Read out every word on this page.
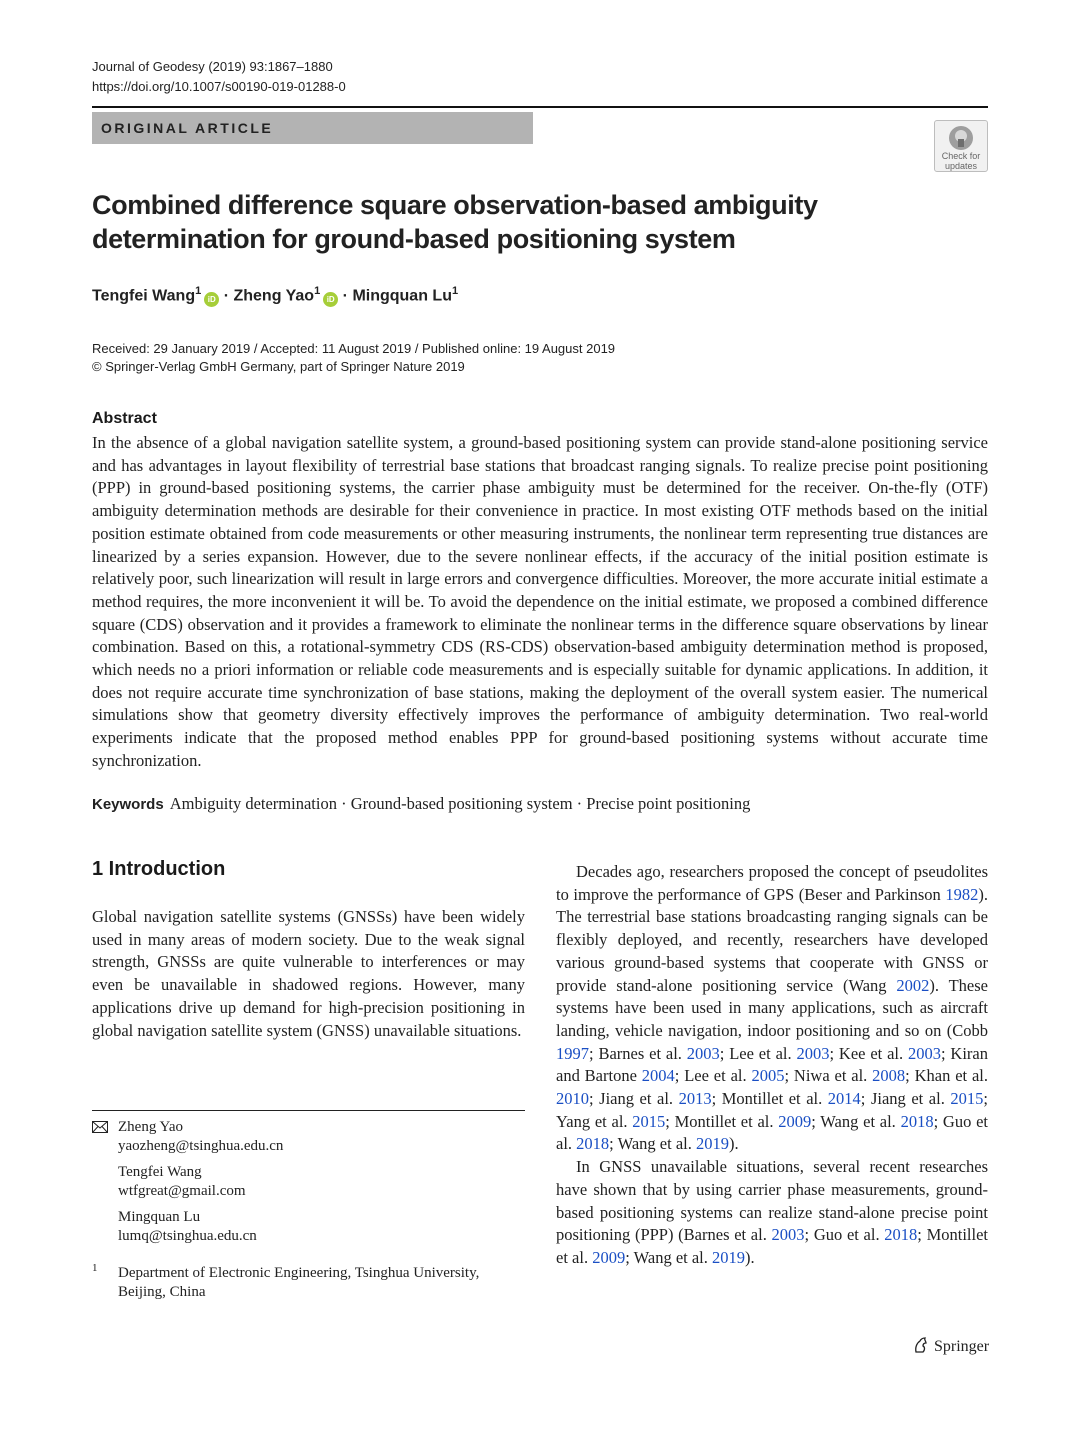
Journal of Geodesy (2019) 93:1867–1880
https://doi.org/10.1007/s00190-019-01288-0
ORIGINAL ARTICLE
Check for
updates
Combined difference square observation-based ambiguity
determination for ground-based positioning system
Tengfei Wang$^1$iD · Zheng Yao$^1$iD · Mingquan Lu$^1$
Received: 29 January 2019 / Accepted: 11 August 2019 / Published online: 19 August 2019
© Springer-Verlag GmbH Germany, part of Springer Nature 2019
Abstract
In the absence of a global navigation satellite system, a ground-based positioning system can provide stand-alone positioning service and has advantages in layout flexibility of terrestrial base stations that broadcast ranging signals. To realize precise point positioning (PPP) in ground-based positioning systems, the carrier phase ambiguity must be determined for the receiver. On-the-fly (OTF) ambiguity determination methods are desirable for their convenience in practice. In most existing OTF methods based on the initial position estimate obtained from code measurements or other measuring instruments, the nonlinear term representing true distances are linearized by a series expansion. However, due to the severe nonlinear effects, if the accuracy of the initial position estimate is relatively poor, such linearization will result in large errors and convergence difficulties. Moreover, the more accurate initial estimate a method requires, the more inconvenient it will be. To avoid the dependence on the initial estimate, we proposed a combined difference square (CDS) observation and it provides a framework to eliminate the nonlinear terms in the difference square observations by linear combination. Based on this, a rotational-symmetry CDS (RS-CDS) observation-based ambiguity determination method is proposed, which needs no a priori information or reliable code measurements and is especially suitable for dynamic applications. In addition, it does not require accurate time synchronization of base stations, making the deployment of the overall system easier. The numerical simulations show that geometry diversity effectively improves the performance of ambiguity determination. Two real-world experiments indicate that the proposed method enables PPP for ground-based positioning systems without accurate time synchronization.
Keywords Ambiguity determination · Ground-based positioning system · Precise point positioning
1 Introduction
Global navigation satellite systems (GNSSs) have been widely used in many areas of modern society. Due to the weak signal strength, GNSSs are quite vulnerable to interferences or may even be unavailable in shadowed regions. However, many applications drive up demand for high-precision positioning in global navigation satellite system (GNSS) unavailable situations.

Decades ago, researchers proposed the concept of pseudolites to improve the performance of GPS (Beser and Parkinson 1982). The terrestrial base stations broadcasting ranging signals can be flexibly deployed, and recently, researchers have developed various ground-based systems that cooperate with GNSS or provide stand-alone positioning service (Wang 2002). These systems have been used in many applications, such as aircraft landing, vehicle navigation, indoor positioning and so on (Cobb 1997; Barnes et al. 2003; Lee et al. 2003; Kee et al. 2003; Kiran and Bartone 2004; Lee et al. 2005; Niwa et al. 2008; Khan et al. 2010; Jiang et al. 2013; Montillet et al. 2014; Jiang et al. 2015; Yang et al. 2015; Montillet et al. 2009; Wang et al. 2018; Guo et al. 2018; Wang et al. 2019).

In GNSS unavailable situations, several recent researches have shown that by using carrier phase measurements, ground-based positioning systems can realize stand-alone precise point positioning (PPP) (Barnes et al. 2003; Guo et al. 2018; Montillet et al. 2009; Wang et al. 2019).

Zheng Yao
yaozheng@tsinghua.edu.cn
Tengfei Wang
wtfgreat@gmail.com
Mingquan Lu
lumq@tsinghua.edu.cn
1 Department of Electronic Engineering, Tsinghua University,
Beijing, China
Springer
